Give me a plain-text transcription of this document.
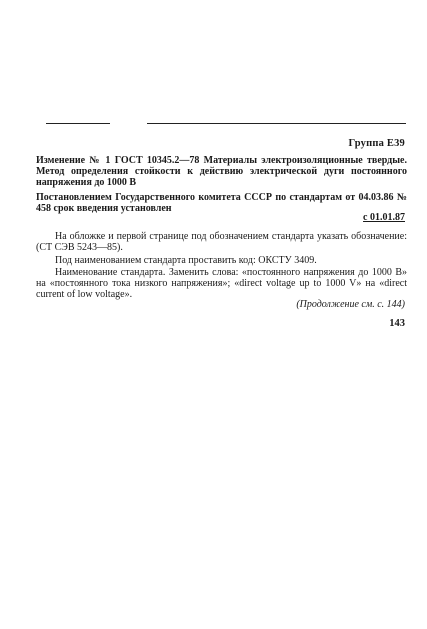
Группа Е39
Изменение № 1 ГОСТ 10345.2—78 Материалы электроизоляционные твердые. Метод определения стойкости к действию электрической дуги постоянного напряжения до 1000 В
Постановлением Государственного комитета СССР по стандартам от 04.03.86 № 458 срок введения установлен
с 01.01.87
На обложке и первой странице под обозначением стандарта указать обозначение: (СТ СЭВ 5243—85).
Под наименованием стандарта проставить код: ОКСТУ 3409.
Наименование стандарта. Заменить слова: «постоянного напряжения до 1000 В» на «постоянного тока низкого напряжения»; «direct voltage up to 1000 V» на «direct current of low voltage».
(Продолжение см. с. 144)
143
